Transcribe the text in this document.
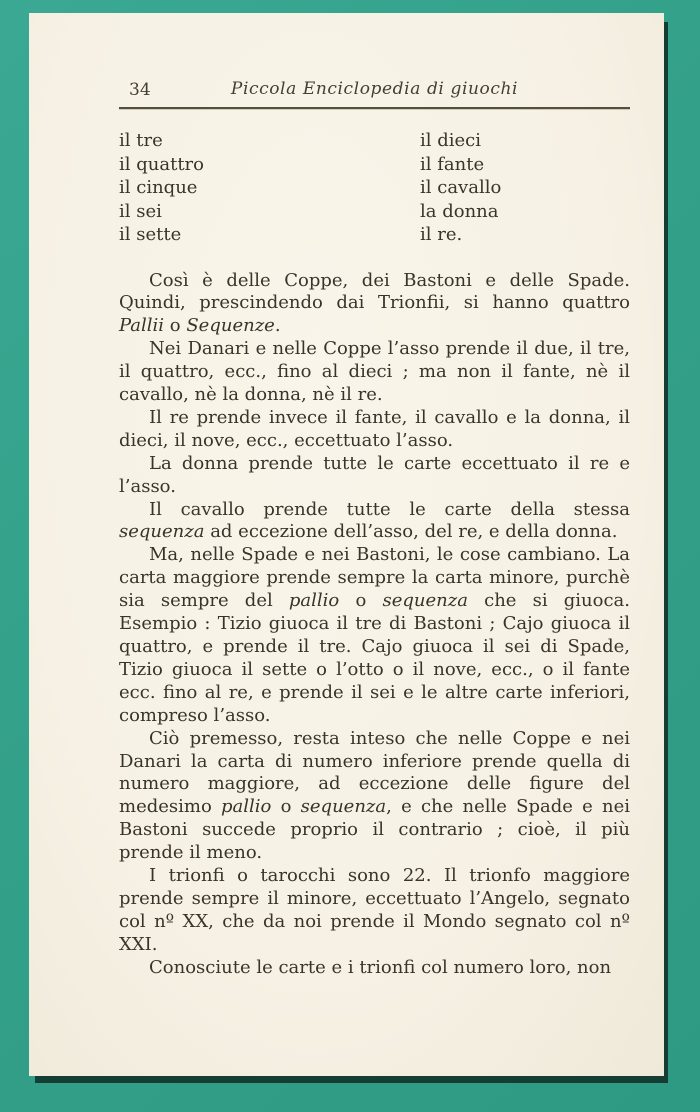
34	Piccola Enciclopedia di giuochi
il tre
il quattro
il cinque
il sei
il sette
il dieci
il fante
il cavallo
la donna
il re.

Così è delle Coppe, dei Bastoni e delle Spade. Quindi, prescindendo dai Trionfii, si hanno quattro Pallii o Sequenze.

Nei Danari e nelle Coppe l’asso prende il due, il tre, il quattro, ecc., fino al dieci ; ma non il fante, nè il cavallo, nè la donna, nè il re.

Il re prende invece il fante, il cavallo e la donna, il dieci, il nove, ecc., eccettuato l’asso.

La donna prende tutte le carte eccettuato il re e l’asso.

Il cavallo prende tutte le carte della stessa sequenza ad eccezione dell’asso, del re, e della donna.

Ma, nelle Spade e nei Bastoni, le cose cambiano. La carta maggiore prende sempre la carta minore, purchè sia sempre del pallio o sequenza che si giuoca. Esempio : Tizio giuoca il tre di Bastoni ; Cajo giuoca il quattro, e prende il tre. Cajo giuoca il sei di Spade, Tizio giuoca il sette o l’otto o il nove, ecc., o il fante ecc. fino al re, e prende il sei e le altre carte inferiori, compreso l’asso.

Ciò premesso, resta inteso che nelle Coppe e nei Danari la carta di numero inferiore prende quella di numero maggiore, ad eccezione delle figure del medesimo pallio o sequenza, e che nelle Spade e nei Bastoni succede proprio il contrario ; cioè, il più prende il meno.

I trionfi o tarocchi sono 22. Il trionfo maggiore prende sempre il minore, eccettuato l’Angelo, segnato col nº XX, che da noi prende il Mondo segnato col nº XXI.

Conosciute le carte e i trionfi col numero loro, non
